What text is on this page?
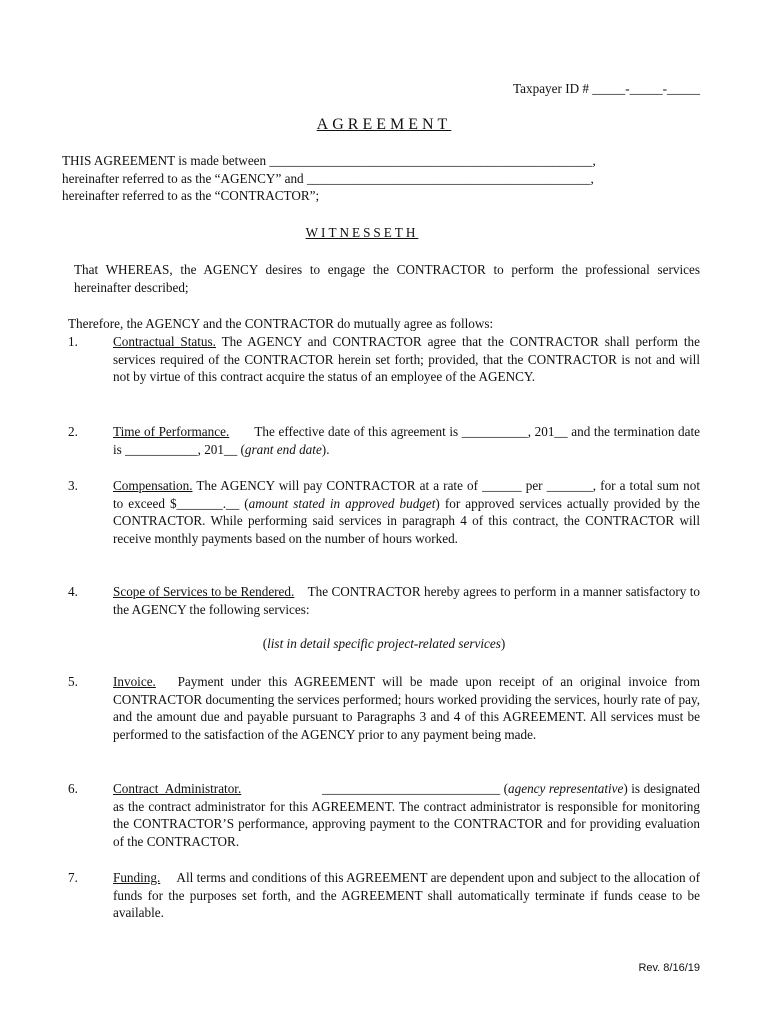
Taxpayer ID # _____-_____-_____
AGREEMENT
THIS AGREEMENT is made between _________________________________________________,
hereinafter referred to as the “AGENCY” and ___________________________________________,
hereinafter referred to as the “CONTRACTOR”;
WITNESSETH
That WHEREAS, the AGENCY desires to engage the CONTRACTOR to perform the professional services hereinafter described;
Therefore, the AGENCY and the CONTRACTOR do mutually agree as follows:
1.	Contractual Status. The AGENCY and CONTRACTOR agree that the CONTRACTOR shall perform the services required of the CONTRACTOR herein set forth; provided, that the CONTRACTOR is not and will not by virtue of this contract acquire the status of an employee of the AGENCY.
2.	Time of Performance.       The effective date of this agreement is __________, 201__ and the termination date is ___________, 201__ (grant end date).
3.	Compensation. The AGENCY will pay CONTRACTOR at a rate of ______ per _______, for a total sum not to exceed $_______.__ (amount stated in approved budget) for approved services actually provided by the CONTRACTOR. While performing said services in paragraph 4 of this contract, the CONTRACTOR will receive monthly payments based on the number of hours worked.
4.	Scope of Services to be Rendered.    The CONTRACTOR hereby agrees to perform in a manner satisfactory to the AGENCY the following services:
(list in detail specific project-related services)
5.	Invoice.   Payment under this AGREEMENT will be made upon receipt of an original invoice from CONTRACTOR documenting the services performed; hours worked providing the services, hourly rate of pay, and the amount due and payable pursuant to Paragraphs 3 and 4 of this AGREEMENT. All services must be performed to the satisfaction of the AGENCY prior to any payment being made.
6.	Contract  Administrator.                       ___________________________ (agency representative) is designated as the contract administrator for this AGREEMENT. The contract administrator is responsible for monitoring the CONTRACTOR’S performance, approving payment to the CONTRACTOR and for providing evaluation of the CONTRACTOR.
7.	Funding.     All terms and conditions of this AGREEMENT are dependent upon and subject to the allocation of funds for the purposes set forth, and the AGREEMENT shall automatically terminate if funds cease to be available.
Rev. 8/16/19
